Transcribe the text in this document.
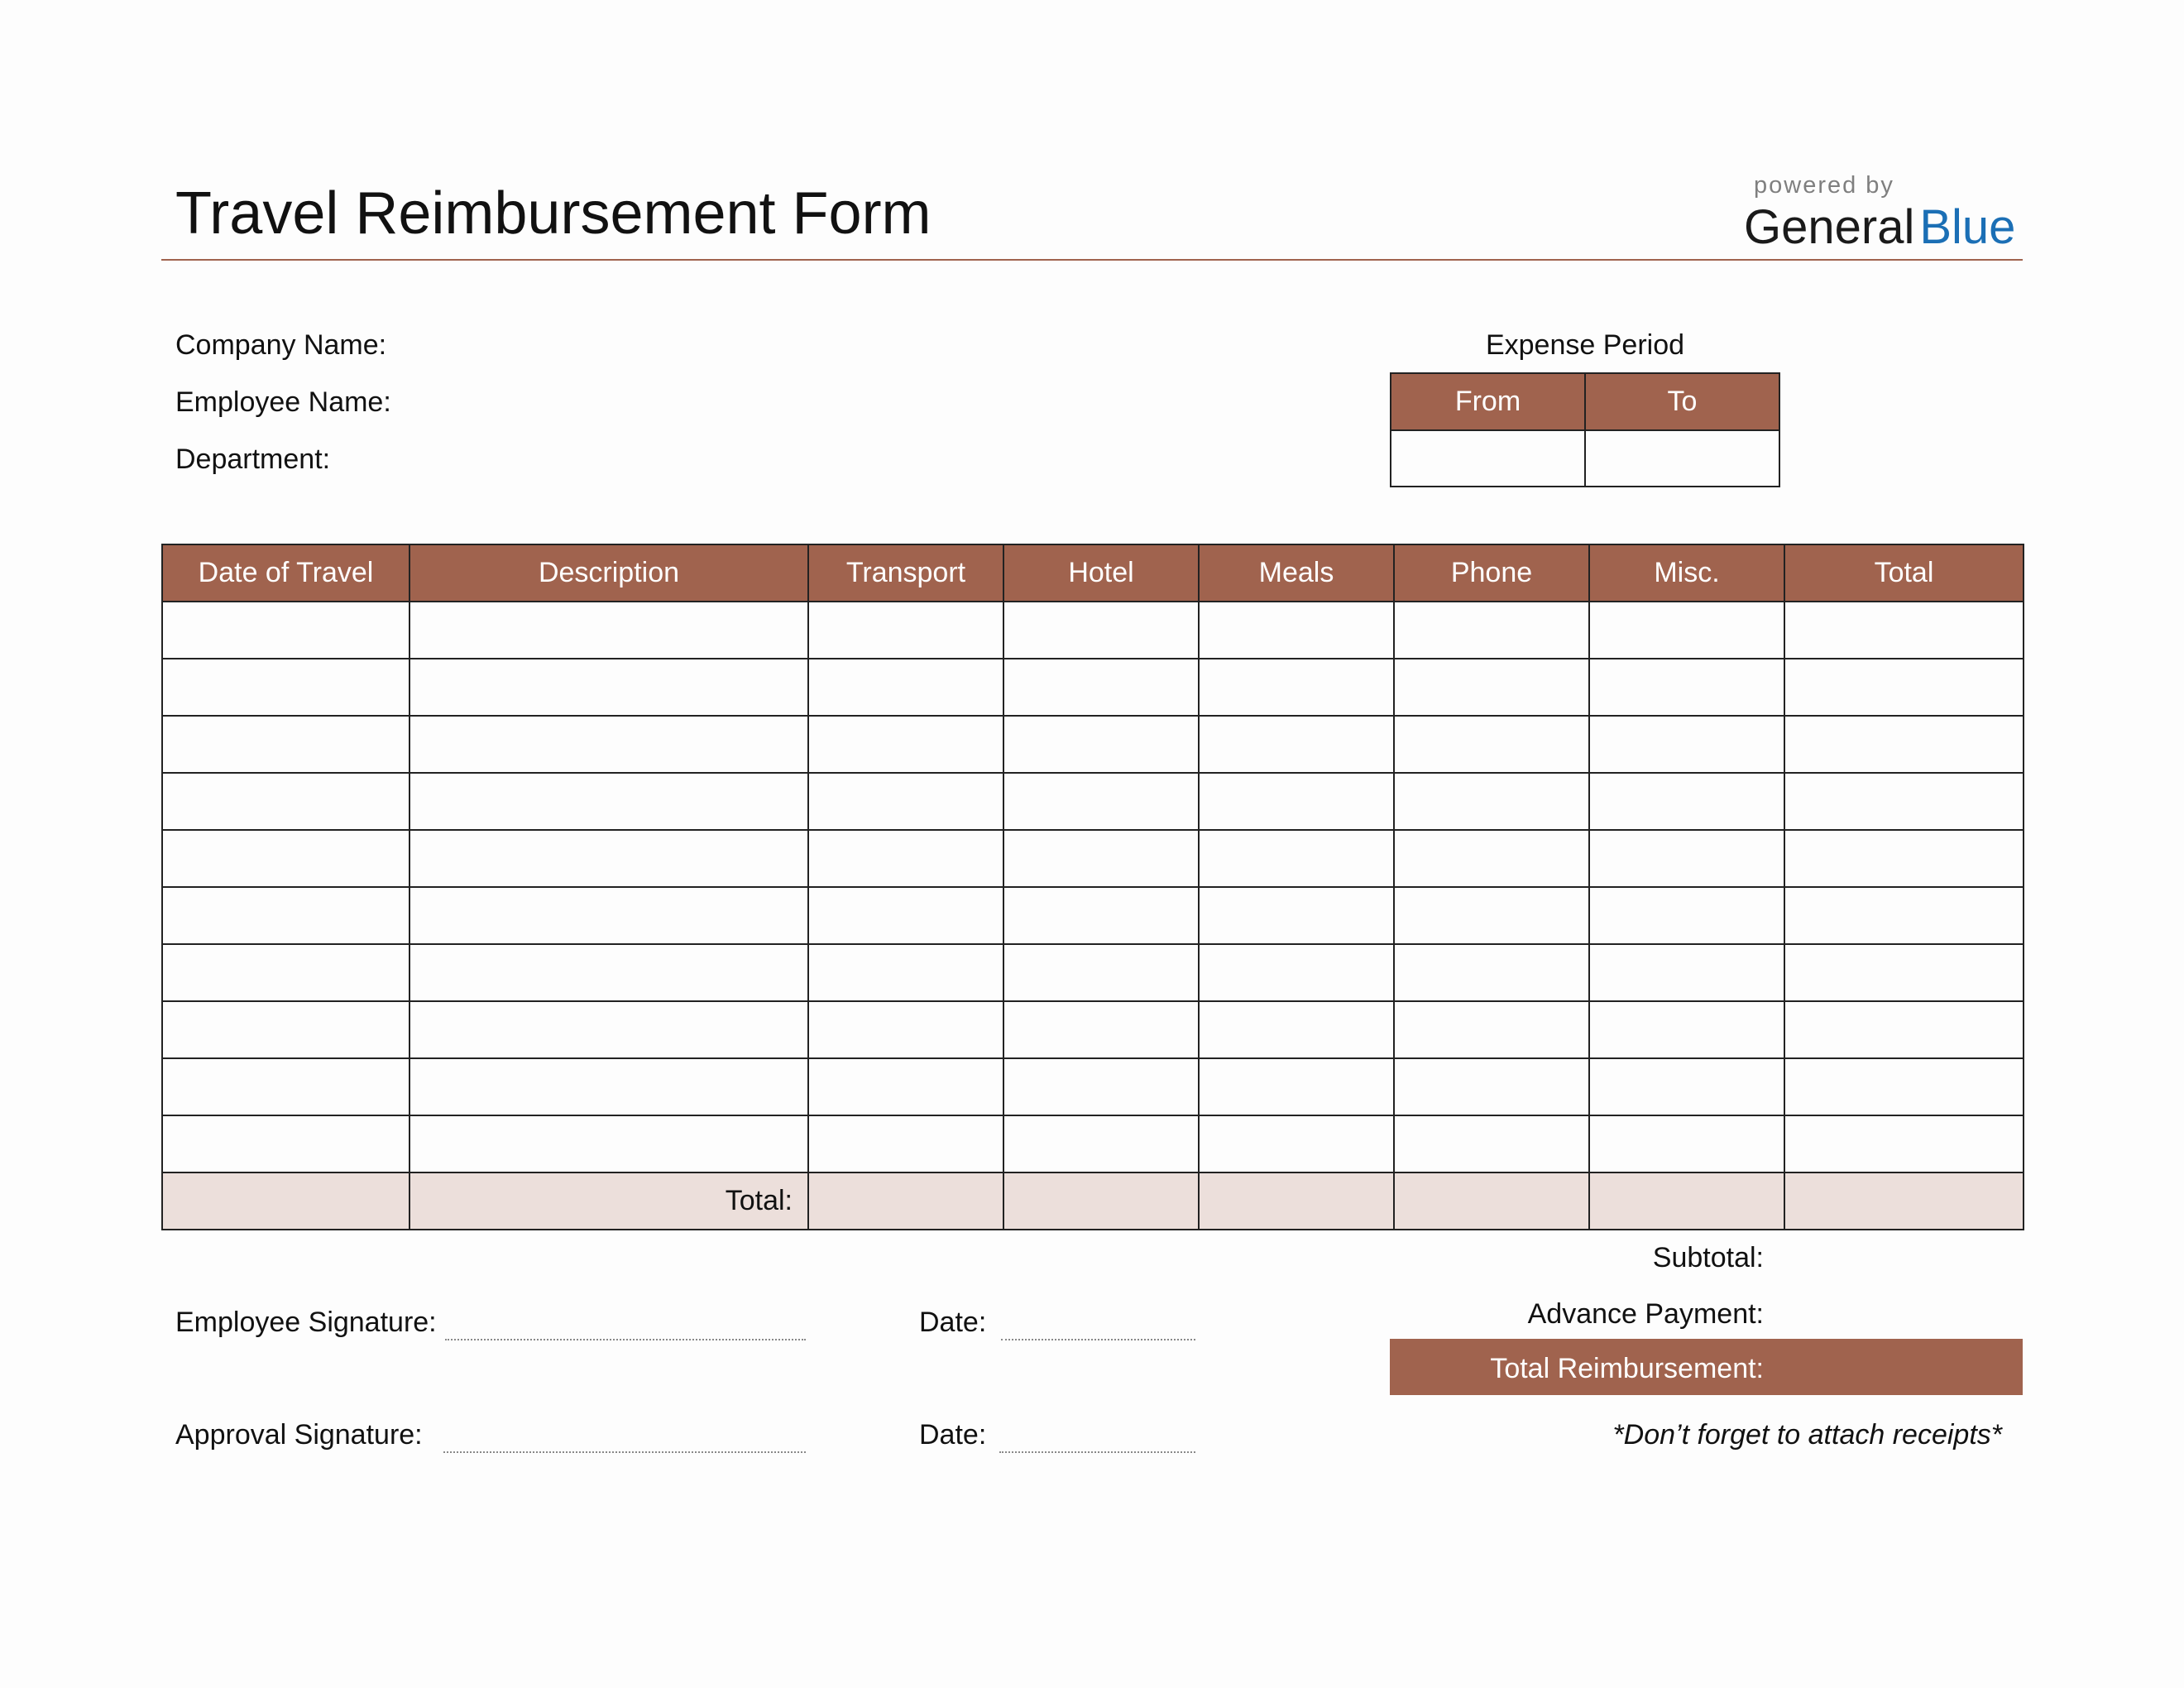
Travel Reimbursement Form	powered by
General Blue
Company Name:
Employee Name:
Department:
Expense Period
From	To

Date of Travel	Description	Transport	Hotel	Meals	Phone	Misc.	Total

	Total:						
Subtotal:
Advance Payment:
Total Reimbursement:
*Don’t forget to attach receipts*
Employee Signature:	Date:
Approval Signature:	Date:
